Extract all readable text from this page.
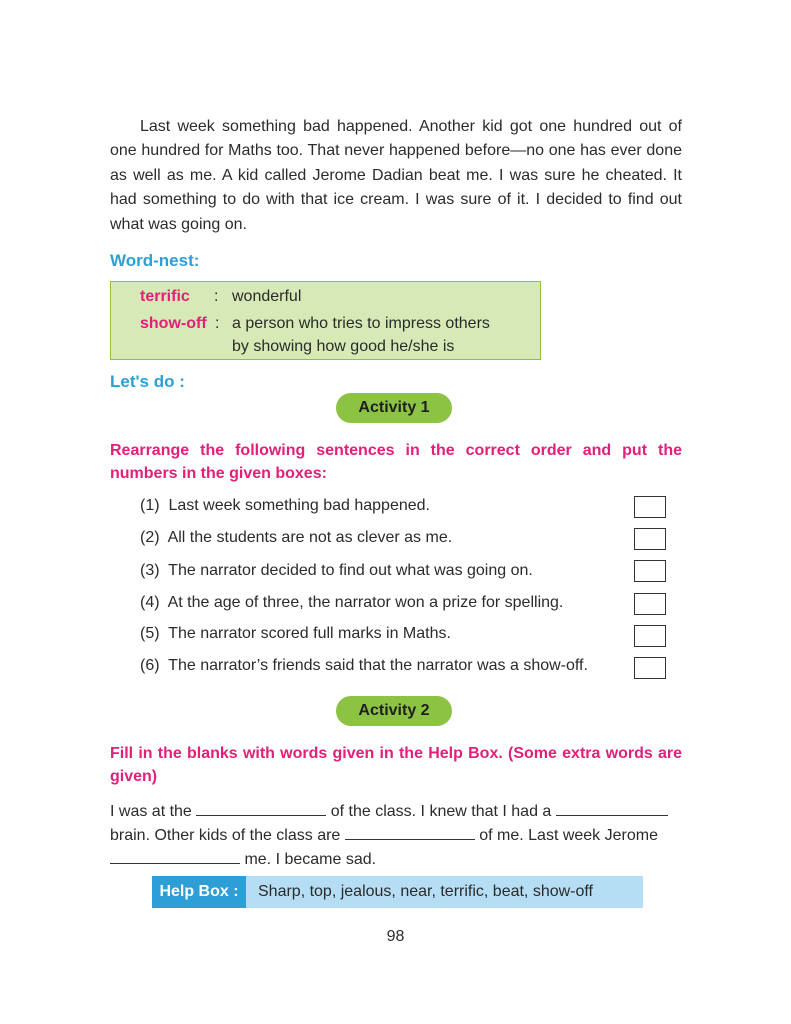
Last week something bad happened. Another kid got one hundred out of one hundred for Maths too. That never happened before—no one has ever done as well as me. A kid called Jerome Dadian beat me. I was sure he cheated. It had something to do with that ice cream. I was sure of it. I decided to find out what was going on.

Word-nest:
terrific : wonderful
show-off : a person who tries to impress others
by showing how good he/she is
Let's do :
Activity 1

Rearrange the following sentences in the correct order and put the numbers in the given boxes:

(1) Last week something bad happened.
(2) All the students are not as clever as me.
(3) The narrator decided to find out what was going on.
(4) At the age of three, the narrator won a prize for spelling.
(5) The narrator scored full marks in Maths.
(6) The narrator’s friends said that the narrator was a show-off.
Activity 2

Fill in the blanks with words given in the Help Box. (Some extra words are given)

I was at the	of the class. I knew that I had a
brain. Other kids of the class are	of me. Last week Jerome
me. I became sad.

Help Box :	Sharp, top, jealous, near, terrific, beat, show-off
98
